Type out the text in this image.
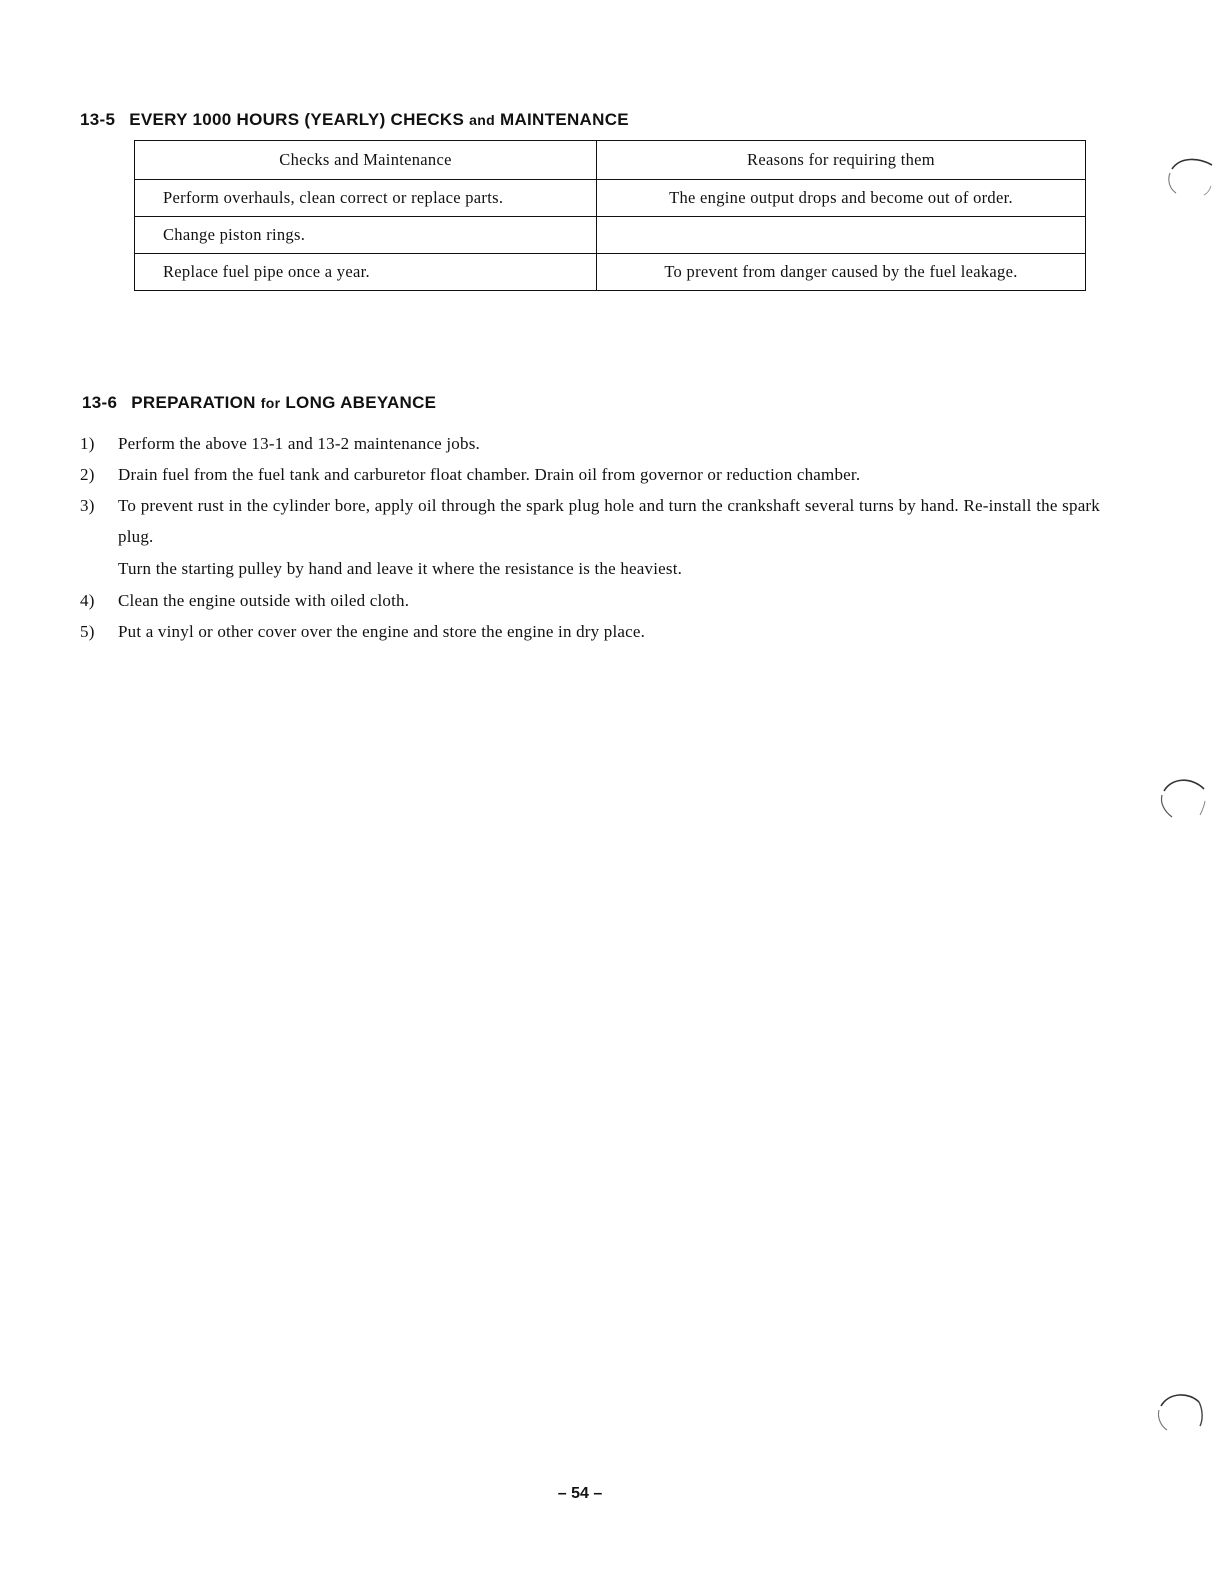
13-5 EVERY 1000 HOURS (YEARLY) CHECKS and MAINTENANCE
Checks and Maintenance	Reasons for requiring them
Perform overhauls, clean correct or replace parts.	The engine output drops and become out of order.
Change piston rings.	
Replace fuel pipe once a year.	To prevent from danger caused by the fuel leakage.
13-6 PREPARATION for LONG ABEYANCE
1) Perform the above 13-1 and 13-2 maintenance jobs.
2) Drain fuel from the fuel tank and carburetor float chamber. Drain oil from governor or reduction chamber.
3) To prevent rust in the cylinder bore, apply oil through the spark plug hole and turn the crankshaft several turns by hand. Re-install the spark plug.
Turn the starting pulley by hand and leave it where the resistance is the heaviest.
4) Clean the engine outside with oiled cloth.
5) Put a vinyl or other cover over the engine and store the engine in dry place.
– 54 –
